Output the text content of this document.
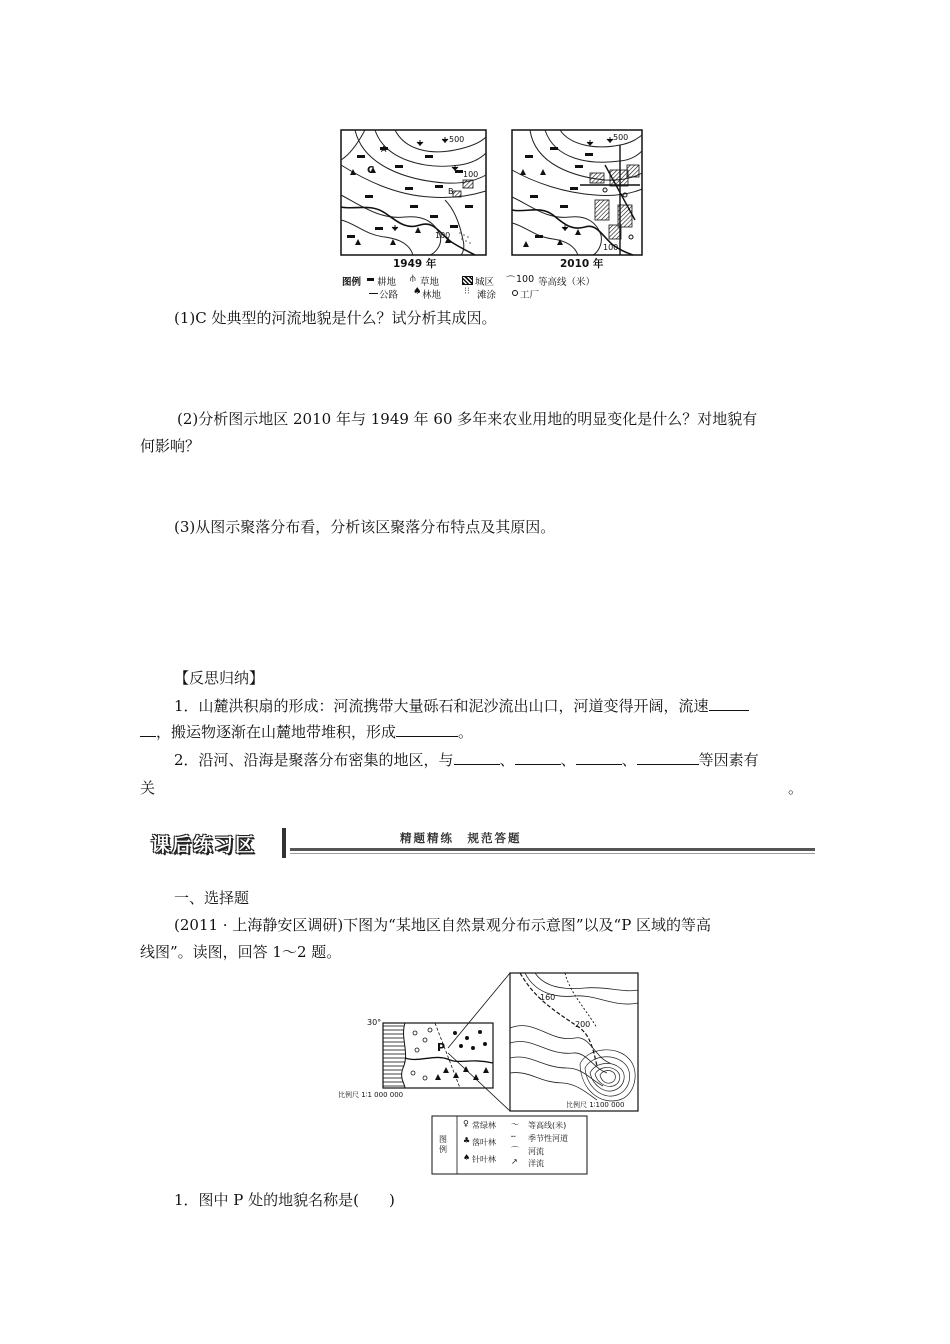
A
C
B
500
100
100
500
100
1949 年	2010 年
图例 耕地 ⫛ 草地	城区 ⌒ 100 等高线（米）
公路 ♠ 林地 ⁝⁝ 滩涂	工厂
(1)C 处典型的河流地貌是什么？试分析其成因。
(2)分析图示地区 2010 年与 1949 年 60 多年来农业用地的明显变化是什么？对地貌有
何影响？
(3)从图示聚落分布看，分析该区聚落分布特点及其原因。
【反思归纳】
1．山麓洪积扇的形成：河流携带大量砾石和泥沙流出山口，河道变得开阔，流速
，搬运物逐渐在山麓地带堆积，形成	。
2．沿河、沿海是聚落分布密集的地区，与	、	、	、	等因素有
关	。
课后练习区	精题精练　规范答题
一、选择题
(2011 · 上海静安区调研)下图为“某地区自然景观分布示意图”以及“P 区域的等高
线图”。读图，回答 1～2 题。
30°
P
160
200
比例尺 1∶1 000 000
比例尺 1∶100 000
图例
♀ 常绿林
♣ 落叶林
♠ 针叶林
〜 等高线(米)
╌ 季节性河道
⌒ 河流
↗ 洋流
1．图中 P 处的地貌名称是(　　)
